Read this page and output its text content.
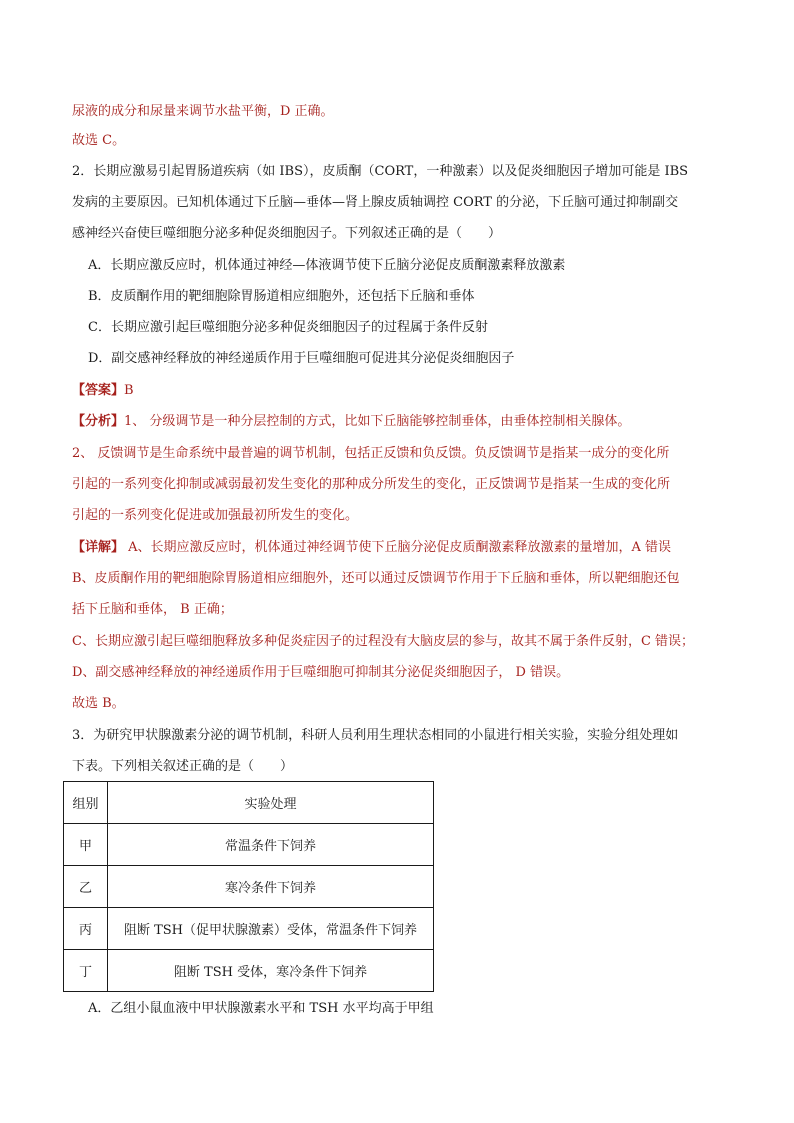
尿液的成分和尿量来调节水盐平衡，D 正确。
故选 C。
2．长期应激易引起胃肠道疾病（如 IBS），皮质酮（CORT，一种激素）以及促炎细胞因子增加可能是 IBS
发病的主要原因。已知机体通过下丘脑—垂体—肾上腺皮质轴调控 CORT 的分泌，下丘脑可通过抑制副交
感神经兴奋使巨噬细胞分泌多种促炎细胞因子。下列叙述正确的是（　　）
A．长期应激反应时，机体通过神经—体液调节使下丘脑分泌促皮质酮激素释放激素
B．皮质酮作用的靶细胞除胃肠道相应细胞外，还包括下丘脑和垂体
C．长期应激引起巨噬细胞分泌多种促炎细胞因子的过程属于条件反射
D．副交感神经释放的神经递质作用于巨噬细胞可促进其分泌促炎细胞因子
【答案】B
【分析】1、 分级调节是一种分层控制的方式，比如下丘脑能够控制垂体，由垂体控制相关腺体。
2、 反馈调节是生命系统中最普遍的调节机制，包括正反馈和负反馈。负反馈调节是指某一成分的变化所
引起的一系列变化抑制或减弱最初发生变化的那种成分所发生的变化，正反馈调节是指某一生成的变化所
引起的一系列变化促进或加强最初所发生的变化。
【详解】 A、长期应激反应时，机体通过神经调节使下丘脑分泌促皮质酮激素释放激素的量增加，A 错误
B、皮质酮作用的靶细胞除胃肠道相应细胞外，还可以通过反馈调节作用于下丘脑和垂体，所以靶细胞还包
括下丘脑和垂体， B 正确；
C、长期应激引起巨噬细胞释放多种促炎症因子的过程没有大脑皮层的参与，故其不属于条件反射，C 错误；
D、副交感神经释放的神经递质作用于巨噬细胞可抑制其分泌促炎细胞因子， D 错误。
故选 B。
3．为研究甲状腺激素分泌的调节机制，科研人员利用生理状态相同的小鼠进行相关实验，实验分组处理如
下表。下列相关叙述正确的是（　　）
组别	实验处理
甲	常温条件下饲养
乙	寒冷条件下饲养
丙	阻断 TSH（促甲状腺激素）受体，常温条件下饲养
丁	阻断 TSH 受体，寒冷条件下饲养
A．乙组小鼠血液中甲状腺激素水平和 TSH 水平均高于甲组
